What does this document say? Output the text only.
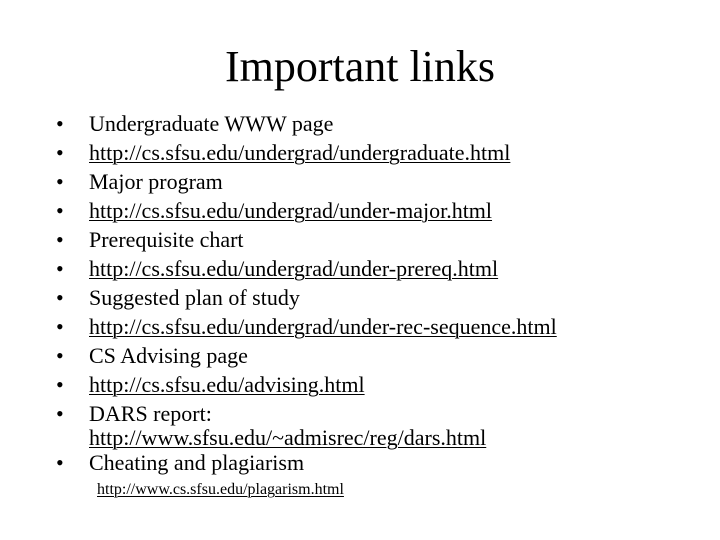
Important links
•	Undergraduate WWW page
•	http://cs.sfsu.edu/undergrad/undergraduate.html
•	Major program
•	http://cs.sfsu.edu/undergrad/under-major.html
•	Prerequisite chart
•	http://cs.sfsu.edu/undergrad/under-prereq.html
•	Suggested plan of study
•	http://cs.sfsu.edu/undergrad/under-rec-sequence.html
•	CS Advising page
•	http://cs.sfsu.edu/advising.html
•	DARS report:
http://www.sfsu.edu/~admisrec/reg/dars.html
•	Cheating and plagiarism
http://www.cs.sfsu.edu/plagarism.html
